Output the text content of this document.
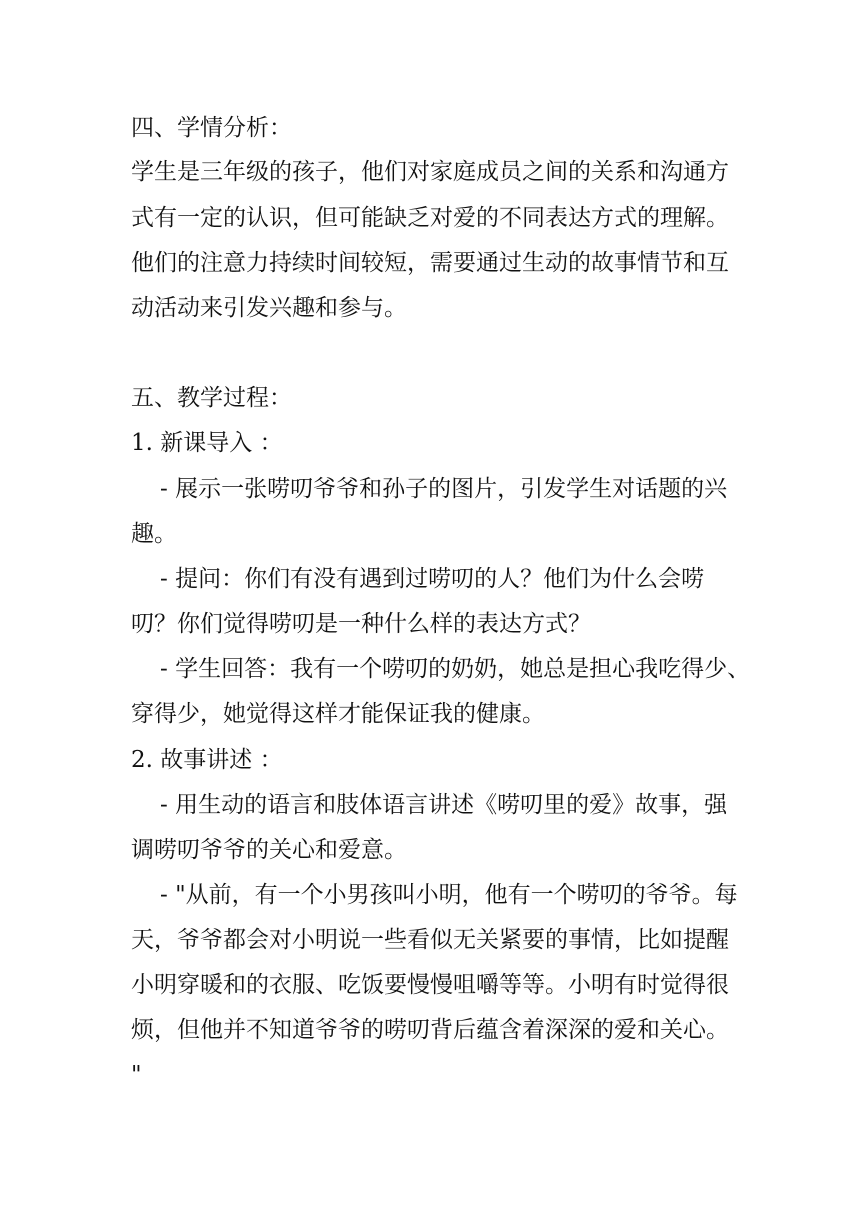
四、学情分析：
学生是三年级的孩子，他们对家庭成员之间的关系和沟通方
式有一定的认识，但可能缺乏对爱的不同表达方式的理解。
他们的注意力持续时间较短，需要通过生动的故事情节和互
动活动来引发兴趣和参与。
五、教学过程：
1. 新课导入 ：
- 展示一张唠叨爷爷和孙子的图片，引发学生对话题的兴
趣。
- 提问：你们有没有遇到过唠叨的人？他们为什么会唠
叨？你们觉得唠叨是一种什么样的表达方式？
- 学生回答：我有一个唠叨的奶奶，她总是担心我吃得少、
穿得少，她觉得这样才能保证我的健康。
2. 故事讲述 ：
- 用生动的语言和肢体语言讲述《唠叨里的爱》故事，强
调唠叨爷爷的关心和爱意。
- "从前，有一个小男孩叫小明，他有一个唠叨的爷爷。每
天，爷爷都会对小明说一些看似无关紧要的事情，比如提醒
小明穿暖和的衣服、吃饭要慢慢咀嚼等等。小明有时觉得很
烦，但他并不知道爷爷的唠叨背后蕴含着深深的爱和关心。
"
